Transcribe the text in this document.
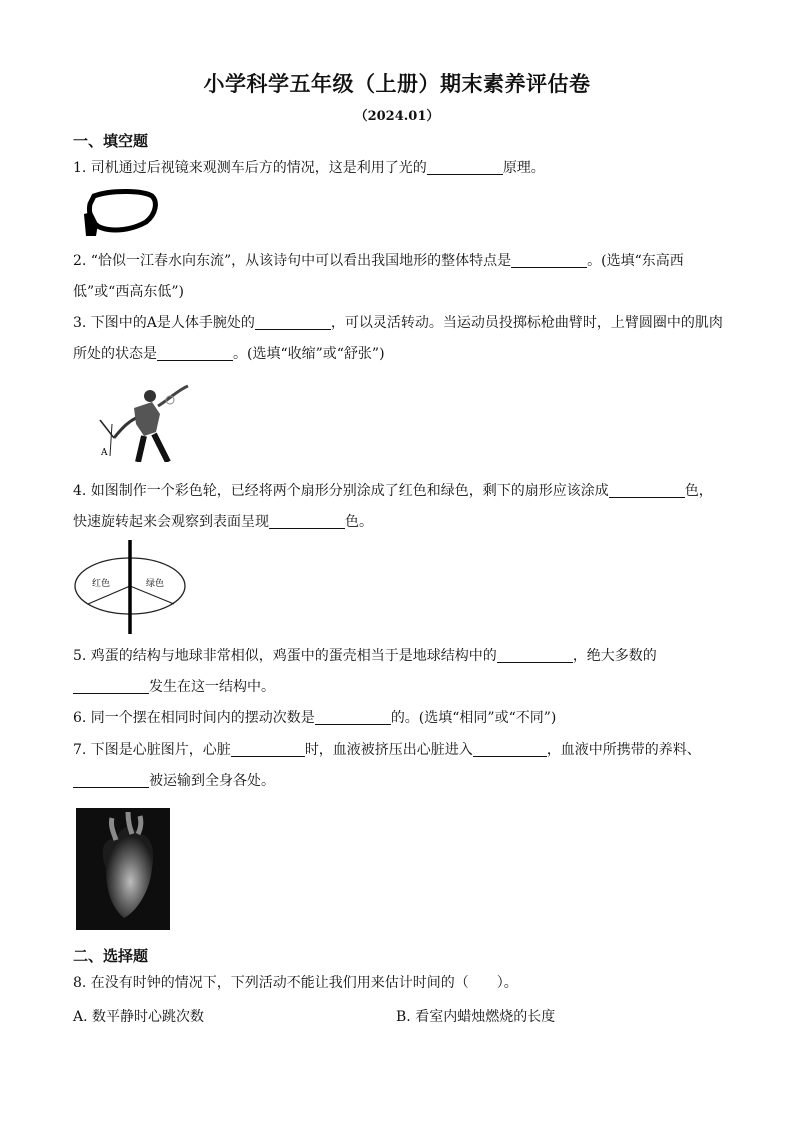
小学科学五年级（上册）期末素养评估卷
（2024.01）
一、填空题
1. 司机通过后视镜来观测车后方的情况，这是利用了光的	原理。
2. “恰似一江春水向东流”，从该诗句中可以看出我国地形的整体特点是	。(选填“东高西低”或“西高东低”)
3. 下图中的A是人体手腕处的	，可以灵活转动。当运动员投掷标枪曲臂时，上臂圆圈中的肌肉所处的状态是	。(选填“收缩”或“舒张”)
A
4. 如图制作一个彩色轮，已经将两个扇形分别涂成了红色和绿色，剩下的扇形应该涂成	色，快速旋转起来会观察到表面呈现	色。
红色	绿色
5. 鸡蛋的结构与地球非常相似，鸡蛋中的蛋壳相当于是地球结构中的	，绝大多数的发生在这一结构中。
6. 同一个摆在相同时间内的摆动次数是	的。(选填“相同”或“不同”)
7. 下图是心脏图片，心脏	时，血液被挤压出心脏进入	，血液中所携带的养料、被运输到全身各处。
二、选择题
8. 在没有时钟的情况下，下列活动不能让我们用来估计时间的（　　）。
A. 数平静时心跳次数	B. 看室内蜡烛燃烧的长度
